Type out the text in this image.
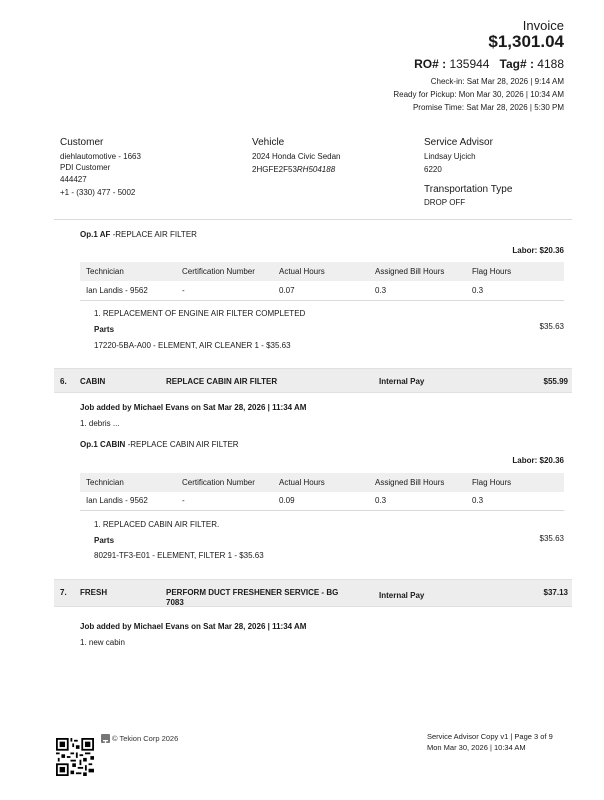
Invoice
$1,301.04
RO# : 135944 Tag# : 4188
Check-in: Sat Mar 28, 2026 | 9:14 AM
Ready for Pickup: Mon Mar 30, 2026 | 10:34 AM
Promise Time: Sat Mar 28, 2026 | 5:30 PM
Customer
diehlautomotive - 1663
PDI Customer
444427
+1 - (330) 477 - 5002
Vehicle
2024 Honda Civic Sedan
2HGFE2F53RH504188
Service Advisor
Lindsay Ujcich
6220
Transportation Type
DROP OFF
Op.1 AF -REPLACE AIR FILTER
Labor: $20.36
Technician	Certification Number	Actual Hours	Assigned Bill Hours	Flag Hours
Ian Landis - 9562	-	0.07	0.3	0.3
1. REPLACEMENT OF ENGINE AIR FILTER COMPLETED
Parts	$35.63
17220-5BA-A00 - ELEMENT, AIR CLEANER 1 - $35.63
6. CABIN	REPLACE CABIN AIR FILTER	Internal Pay	$55.99
Job added by Michael Evans on Sat Mar 28, 2026 | 11:34 AM
1. debris ...
Op.1 CABIN -REPLACE CABIN AIR FILTER
Labor: $20.36
Technician	Certification Number	Actual Hours	Assigned Bill Hours	Flag Hours
Ian Landis - 9562	-	0.09	0.3	0.3
1. REPLACED CABIN AIR FILTER.
Parts	$35.63
80291-TF3-E01 - ELEMENT, FILTER 1 - $35.63
7. FRESH	PERFORM DUCT FRESHENER SERVICE - BG
7083
Internal Pay	$37.13
Job added by Michael Evans on Sat Mar 28, 2026 | 11:34 AM
1. new cabin
© Tekion Corp 2026	Service Advisor Copy v1 | Page 3 of 9
Mon Mar 30, 2026 | 10:34 AM
